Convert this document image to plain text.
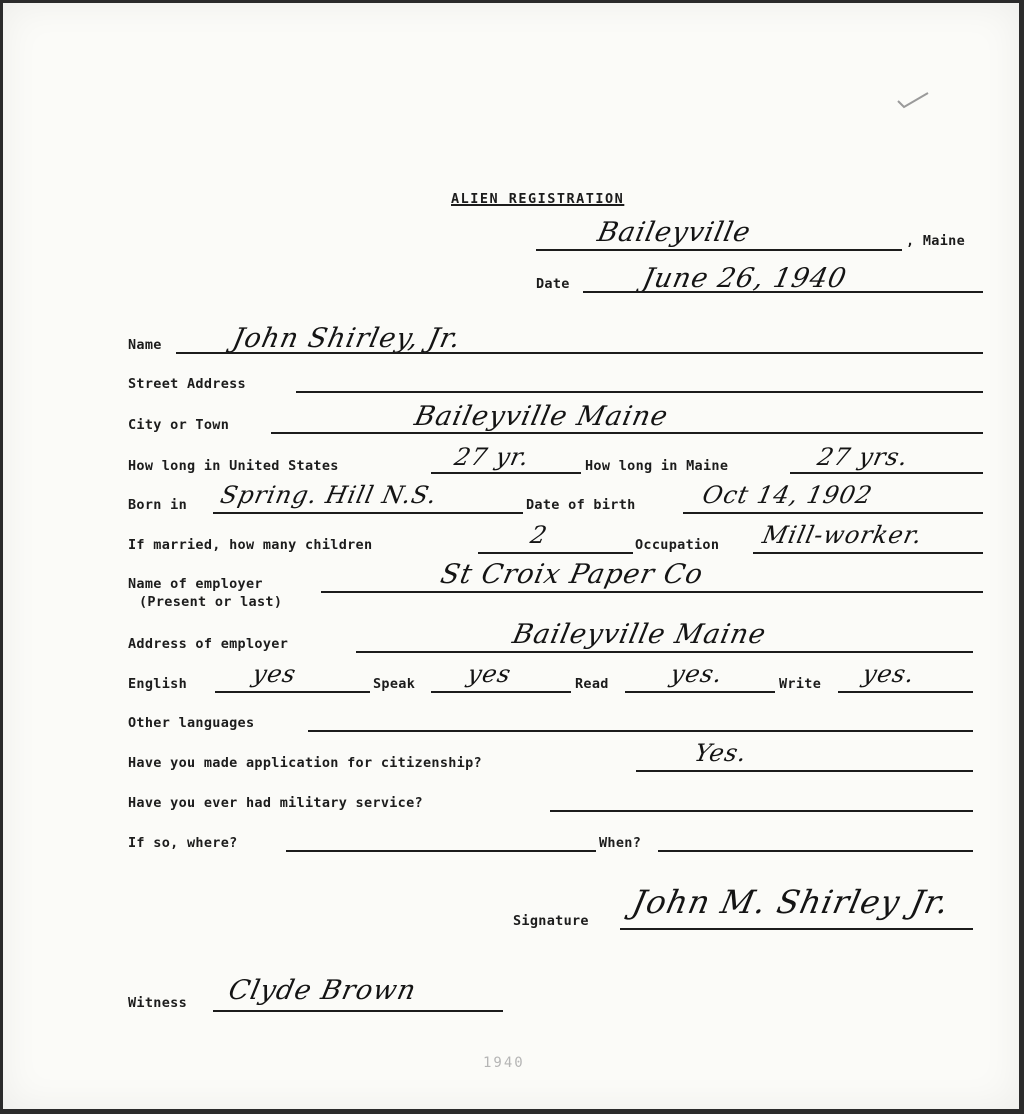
ALIEN REGISTRATION
Baileyville	, Maine
Date	June 26, 1940
Name	John Shirley, Jr.
Street Address
City or Town	Baileyville Maine
How long in United States	27 yr.	How long in Maine	27 yrs.
Born in Spring. Hill N.S.	Date of birth	Oct 14, 1902
If married, how many children	2	Occupation Mill-worker.
Name of employer
(Present or last)
St Croix Paper Co
Address of employer	Baileyville Maine
English	yes	Speak yes	Read yes.	Write yes.
Other languages
Have you made application for citizenship?	Yes.
Have you ever had military service?
If so, where?	When?
Signature John M. Shirley Jr.
Witness Clyde Brown
1940
